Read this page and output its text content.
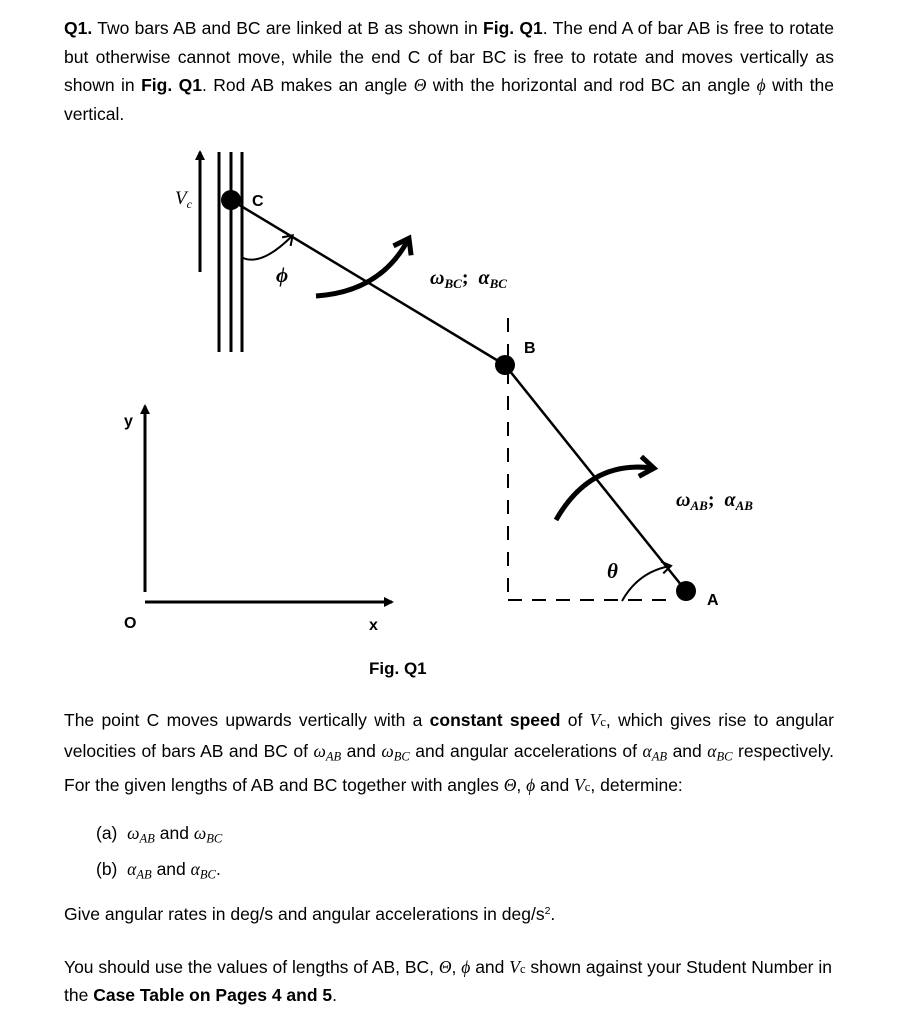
Q1. Two bars AB and BC are linked at B as shown in Fig. Q1. The end A of bar AB is free to rotate but otherwise cannot move, while the end C of bar BC is free to rotate and moves vertically as shown in Fig. Q1. Rod AB makes an angle Θ with the horizontal and rod BC an angle ϕ with the vertical.
$V_c$	C
B
A
ϕ	$\omega_{BC}$; $\alpha_{BC}$
θ
$\omega_{AB}$; $\alpha_{AB}$
y
x
O
Fig. Q1
The point C moves upwards vertically with a constant speed of Vc, which gives rise to angular velocities of bars AB and BC of $\omega_{AB}$ and $\omega_{BC}$ and angular accelerations of $\alpha_{AB}$ and $\alpha_{BC}$ respectively. For the given lengths of AB and BC together with angles Θ, ϕ and Vc, determine:
(a) $\omega_{AB}$ and $\omega_{BC}$
(b) $\alpha_{AB}$ and $\alpha_{BC}$.
Give angular rates in deg/s and angular accelerations in deg/$s^2$.
You should use the values of lengths of AB, BC, Θ, ϕ and Vc shown against your Student Number in the Case Table on Pages 4 and 5.
